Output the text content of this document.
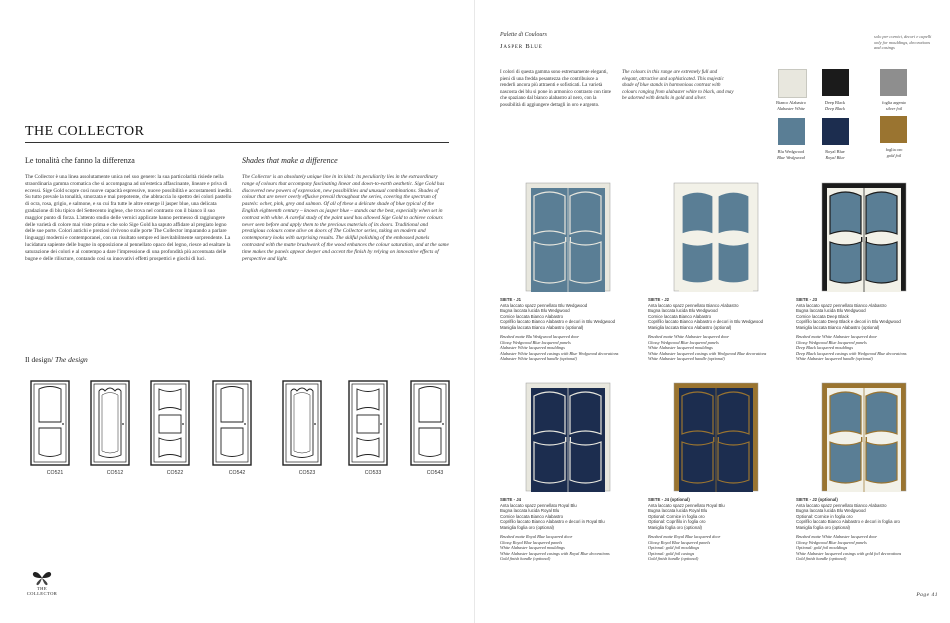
THE COLLECTOR
Le tonalità che fanno la differenza	Shades that make a difference
The Collector è una linea assolutamente unica nel suo genere: la sua particolarità risiede nella straordinaria gamma cromatica che si accompagna ad un'estetica affascinante, lineare e priva di eccessi. Sige Gold scopre così nuove capacità espressive, nuove possibilità e accostamenti inediti. Su tutto prevale la tonalità, smorzata e mai prepotente, che abbraccia lo spettro dei colori pastello di ocra, rosa, grigio, e salmone, e su cui fra tutte le altre emerge il jasper blue, una delicata gradazione di blu tipico del Settecento inglese, che trova nel contrasto con il bianco il suo maggior punto di forza. L'attento studio delle vernici applicate hanno permesso di raggiungere delle varietà di colore mai viste prima e che solo Sige Gold ha saputo affidare al pregiato legno delle sue porte. Colori antichi e preziosi rivivono sulle porte The Collector imparando a parlare linguaggi moderni e contemporanei, con un risultato sempre ed inevitabilmente sorprendente. La lucidatura sapiente delle bugne in opposizione al pennellato opaco del legno, riesce ad esaltare la saturazione dei colori e al contempo a dare l'impressione di una profondità più accentuata delle bugne e delle riliscture, contando così su innovativi effetti prospettici e giochi di luci.
The Collector is an absolutely unique line in its kind: its peculiarity lies in the extraordinary range of colours that accompany fascinating linear and down-to-earth aesthetic. Sige Gold has discovered new powers of expression, new possibilities and unusual combinations. Shades of colour that are never overly effusive prevail throughout the series, covering the spectrum of pastels: ocher, pink, grey and salmon. Of all of these a delicate shade of blue typical of the English eighteenth century – known as jasper blue – stands out the best, especially when set in contrast with white. A careful study of the paint used has allowed Sige Gold to achieve colours never seen before and apply them to the precious materials of its doors. Traditional and prestigious colours come alive on doors of The Collector series, taking on modern and contemporary looks with surprising results. The skilful polishing of the embossed panels contrasted with the matte brushwork of the wood enhances the colour saturation, and at the same time makes the panels appear deeper and accent the finish by relying on innovative effects of perspective and light.
Il design/ The design
CO521	CO512	CO522	CO542	CO523	CO533	CO543
THE COLLECTOR
Palette di Coulours
Jasper Blue
I colori di questa gamma sono estremamente eleganti, pieni di una fredda pesantezza che contribuisce a renderli ancora più attraenti e sofisticati. La varietà nascosta dei blu si pone in armonico contrasto con tinte che spaziano dal bianco alabastro al nero, con la possibilità di aggiungere dettagli in oro e argento.
The colours in this range are extremely full and elegant, attractive and sophisticated. This majestic shade of blue stands in harmonious contrast with colours ranging from alabaster white to black, and may be adorned with details in gold and silver.
Bianco Alabastro
Alabaster White
Deep Black
Deep Black
Blu Wedgwood
Blue Wedgwood
Royal Blue
Royal Blue
solo per cornici, decori e capelli only for mouldings, decorations and casings
foglia argento
silver foil
foglia oro
gold foil
SIETE - J1
Anta laccato spazz pennellato Blu Wedgwood
Bugna laccata lucida Blu Wedgwood
Cornice laccata Bianco Alabastro
Coprifilo laccato Bianco Alabastro e decori in Blu Wedgwood
Maniglia laccata Bianco Alabastro (optional)
Brushed matte Blu Wedgwood lacquered door
Glossy Wedgwood Blue lacquered panels
Alabaster White lacquered mouldings
Alabaster White lacquered casings with Blue Wedgwood decorations
Alabaster White lacquered handle (optional)
SIETE - J2
Anta laccato spazz pennellato Bianco Alabastro
Bugna laccata lucida Blu Wedgwood
Cornice laccata Bianco Alabastro
Coprifilo laccato Bianco Alabastro e decori in Blu Wedgwood
Maniglia laccata Bianco Alabastro (optional)
Brushed matte White Alabaster lacquered door
Glossy Wedgwood Blue lacquered panels
White Alabaster lacquered mouldings
White Alabaster lacquered casings with Wedgwood Blue decorations
White Alabaster lacquered handle (optional)
SIETE - J3
Anta laccato spazz pennellato Bianco Alabastro
Bugna laccata lucida Blu Wedgwood
Cornice laccata Deep Black
Coprifilo laccato Deep Black e decori in Blu Wedgwood
Maniglia laccata Bianco Alabastro (optional)
Brushed matte White Alabaster lacquered door
Glossy Wedgwood Blue lacquered panels
Deep Black lacquered mouldings
Deep Black lacquered casings with Wedgwood Blue decorations
White Alabaster lacquered handle (optional)
SIETE - J4
Anta laccato spazz pennellato Royal Blu
Bugna laccata lucida Royal Blu
Cornice laccata Bianco Alabastro
Coprifilo laccato Bianco Alabastro e decori in Royal Blu
Maniglia foglia oro (optional)
Brushed matte Royal Blue lacquered door
Glossy Royal Blue lacquered panels
White Alabaster lacquered mouldings
White Alabaster lacquered casings with Royal Blue decorations
Gold finish handle (optional)
SIETE - J4 (optional)
Anta laccato spazz pennellato Royal Blu
Bugna laccata lucida Royal Blu
Optional: Cornice in foglia oro
Optional: Coprifilo in foglia oro
Maniglia foglia oro (optional)
Brushed matte Royal Blue lacquered door
Glossy Royal Blue lacquered panels
Optional: gold foil mouldings
Optional: gold foil casings
Gold finish handle (optional)
SIETE - J2 (optional)
Anta laccato spazz pennellato Bianco Alabastro
Bugna laccata lucida Blu Wedgwood
Optional: Cornice in foglia oro
Coprifilo laccato Bianco Alabastro e decori in foglia oro
Maniglia foglia oro (optional)
Brushed matte White Alabaster lacquered door
Glossy Wedgwood Blue lacquered panels
Optional: gold foil mouldings
White Alabaster lacquered casings with gold foil decorations
Gold finish handle (optional)
Page 41
